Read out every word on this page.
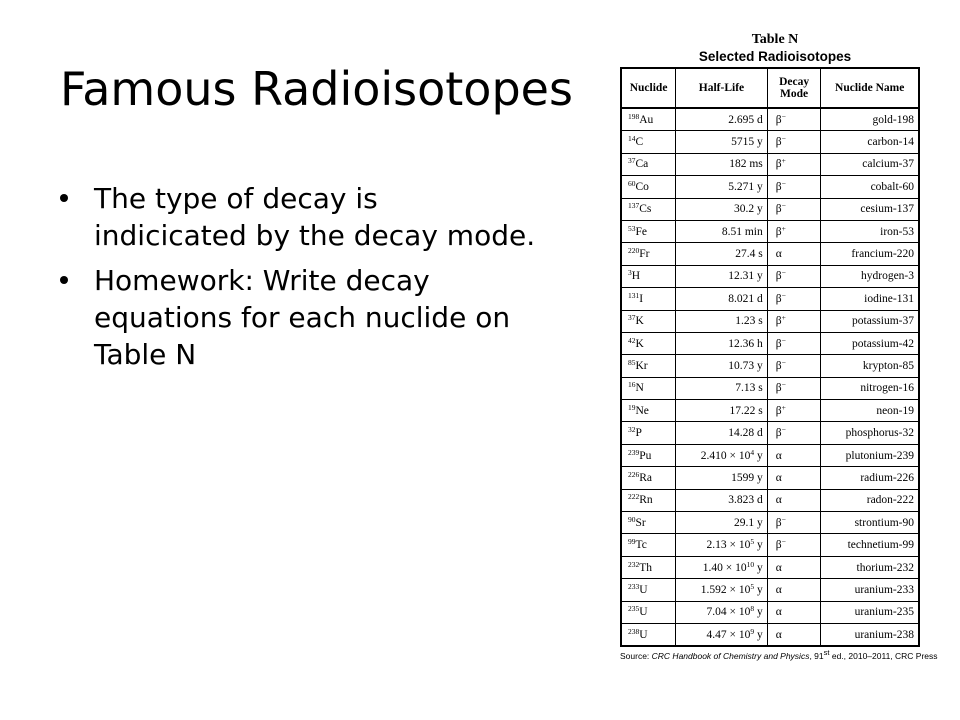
Famous Radioisotopes
The type of decay is indicicated by the decay mode.
Homework: Write decay equations for each nuclide on Table N
Table N
Selected Radioisotopes
Nuclide	Half-Life	Decay Mode	Nuclide Name
$^{198}$Au	2.695 d	β−	gold-198
$^{14}$C	5715 y	β−	carbon-14
$^{37}$Ca	182 ms	β+	calcium-37
$^{60}$Co	5.271 y	β−	cobalt-60
$^{137}$Cs	30.2 y	β−	cesium-137
$^{53}$Fe	8.51 min	β+	iron-53
$^{220}$Fr	27.4 s	α	francium-220
$^3$H	12.31 y	β−	hydrogen-3
$^{131}$I	8.021 d	β−	iodine-131
$^{37}$K	1.23 s	β+	potassium-37
$^{42}$K	12.36 h	β−	potassium-42
$^{85}$Kr	10.73 y	β−	krypton-85
$^{16}$N	7.13 s	β−	nitrogen-16
$^{19}$Ne	17.22 s	β+	neon-19
$^{32}$P	14.28 d	β−	phosphorus-32
$^{239}$Pu	$2.410 \times 10^4$ y	α	plutonium-239
$^{226}$Ra	1599 y	α	radium-226
$^{222}$Rn	3.823 d	α	radon-222
$^{90}$Sr	29.1 y	β−	strontium-90
$^{99}$Tc	$2.13 \times 10^5$ y	β−	technetium-99
$^{232}$Th	$1.40 \times 10^{10}$ y	α	thorium-232
$^{233}$U	$1.592 \times 10^5$ y	α	uranium-233
$^{235}$U	$7.04 \times 10^8$ y	α	uranium-235
$^{238}$U	$4.47 \times 10^9$ y	α	uranium-238
Source: CRC Handbook of Chemistry and Physics, 91st ed., 2010–2011, CRC Press
